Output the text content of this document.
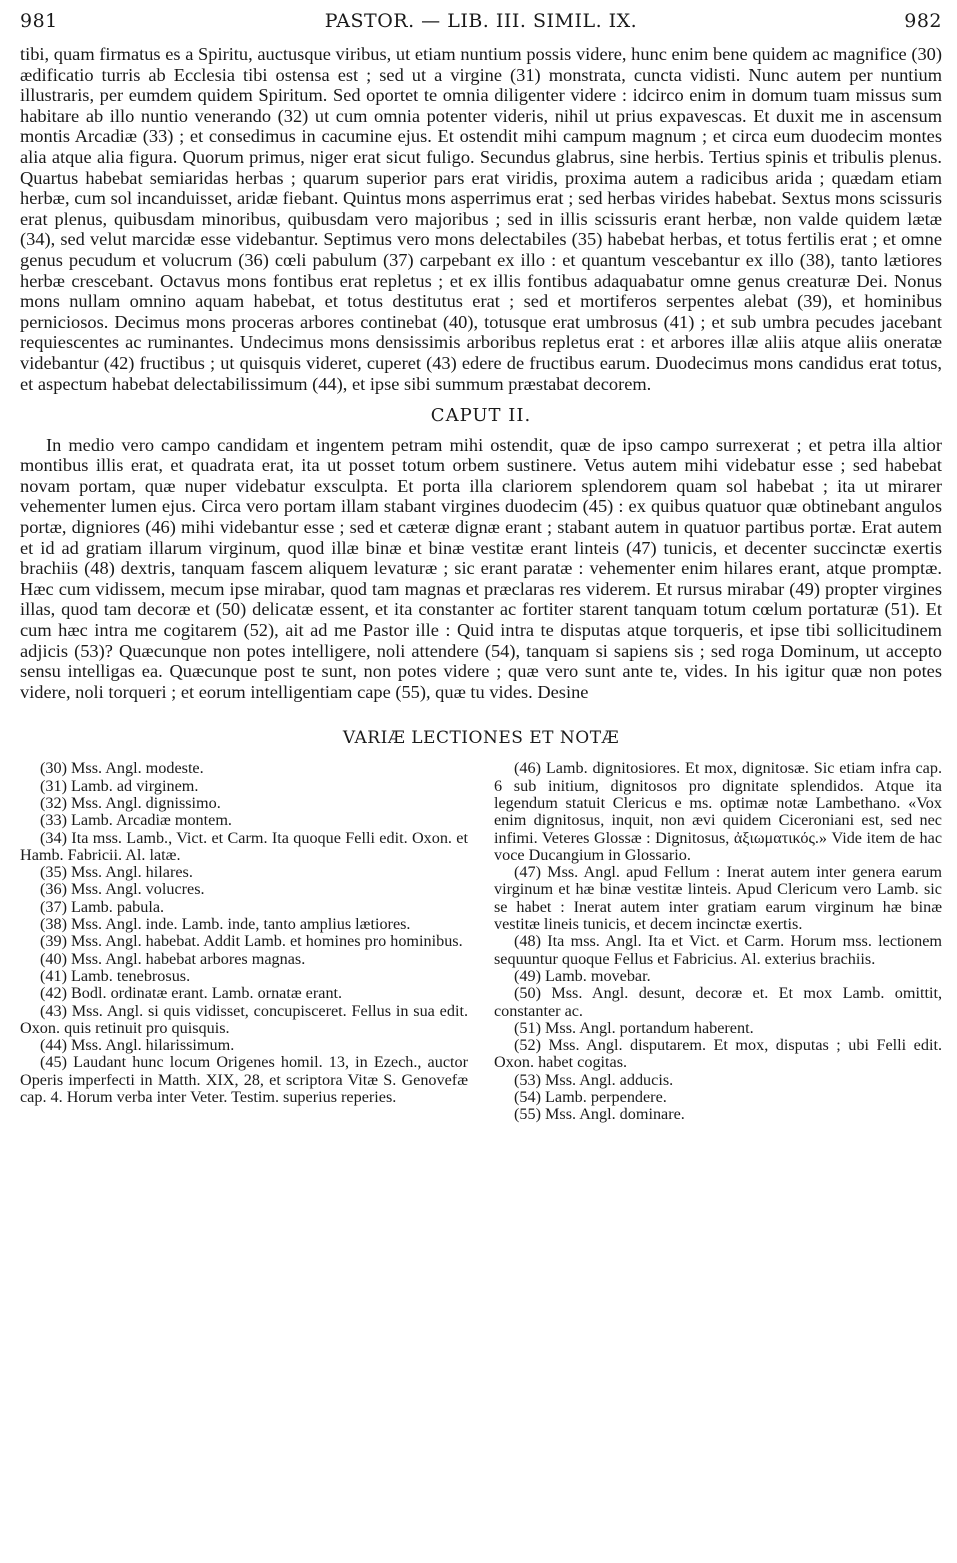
981	PASTOR. — LIB. III. SIMIL. IX.	982

tibi, quam firmatus es a Spiritu, auctusque viribus, ut etiam nuntium possis videre, hunc enim bene quidem ac magnifice (30) ædificatio turris ab Ecclesia tibi ostensa est ; sed ut a virgine (31) monstrata, cuncta vidisti. Nunc autem per nuntium illustraris, per eumdem quidem Spiritum. Sed oportet te omnia diligenter videre : idcirco enim in domum tuam missus sum habitare ab illo nuntio venerando (32) ut cum omnia potenter videris, nihil ut prius expavescas. Et duxit me in ascensum montis Arcadiæ (33) ; et consedimus in cacumine ejus. Et ostendit mihi campum magnum ; et circa eum duodecim montes alia atque alia figura. Quorum primus, niger erat sicut fuligo. Secundus glabrus, sine herbis. Tertius spinis et tribulis plenus. Quartus habebat semiaridas herbas ; quarum superior pars erat viridis, proxima autem a radicibus arida ; quædam etiam herbæ, cum sol incanduisset, aridæ fiebant. Quintus mons asperrimus erat ; sed herbas virides habebat. Sextus mons scissuris erat plenus, quibusdam minoribus, quibusdam vero majoribus ; sed in illis scissuris erant herbæ, non valde quidem lætæ (34), sed velut marcidæ esse videbantur. Septimus vero mons delectabiles (35) habebat herbas, et totus fertilis erat ; et omne genus pecudum et volucrum (36) cœli pabulum (37) carpebant ex illo : et quantum vescebantur ex illo (38), tanto lætiores herbæ crescebant. Octavus mons fontibus erat repletus ; et ex illis fontibus adaquabatur omne genus creaturæ Dei. Nonus mons nullam omnino aquam habebat, et totus destitutus erat ; sed et mortiferos serpentes alebat (39), et hominibus perniciosos. Decimus mons proceras arbores continebat (40), totusque erat umbrosus (41) ; et sub umbra pecudes jacebant requiescentes ac ruminantes. Undecimus mons densissimis arboribus repletus erat : et arbores illæ aliis atque aliis oneratæ videbantur (42) fructibus ; ut quisquis videret, cuperet (43) edere de fructibus earum. Duodecimus mons candidus erat totus, et aspectum habebat delectabilissimum (44), et ipse sibi summum præstabat decorem.

CAPUT II.

In medio vero campo candidam et ingentem petram mihi ostendit, quæ de ipso campo surrexerat ; et petra illa altior montibus illis erat, et quadrata erat, ita ut posset totum orbem sustinere. Vetus autem mihi videbatur esse ; sed habebat novam portam, quæ nuper videbatur exsculpta. Et porta illa clariorem splendorem quam sol habebat ; ita ut mirarer vehementer lumen ejus. Circa vero portam illam stabant virgines duodecim (45) : ex quibus quatuor quæ obtinebant angulos portæ, digniores (46) mihi videbantur esse ; sed et cæteræ dignæ erant ; stabant autem in quatuor partibus portæ. Erat autem et id ad gratiam illarum virginum, quod illæ binæ et binæ vestitæ erant linteis (47) tunicis, et decenter succinctæ exertis brachiis (48) dextris, tanquam fascem aliquem levaturæ ; sic erant paratæ : vehementer enim hilares erant, atque promptæ. Hæc cum vidissem, mecum ipse mirabar, quod tam magnas et præclaras res viderem. Et rursus mirabar (49) propter virgines illas, quod tam decoræ et (50) delicatæ essent, et ita constanter ac fortiter starent tanquam totum cœlum portaturæ (51). Et cum hæc intra me cogitarem (52), ait ad me Pastor ille : Quid intra te disputas atque torqueris, et ipse tibi sollicitudinem adjicis (53)? Quæcunque non potes intelligere, noli attendere (54), tanquam si sapiens sis ; sed roga Dominum, ut accepto sensu intelligas ea. Quæcunque post te sunt, non potes videre ; quæ vero sunt ante te, vides. In his igitur quæ non potes videre, noli torqueri ; et eorum intelligentiam cape (55), quæ tu vides. Desine

VARIÆ LECTIONES ET NOTÆ

(30) Mss. Angl. modeste.

(31) Lamb. ad virginem.

(32) Mss. Angl. dignissimo.

(33) Lamb. Arcadiæ montem.

(34) Ita mss. Lamb., Vict. et Carm. Ita quoque Felli edit. Oxon. et Hamb. Fabricii. Al. latæ.

(35) Mss. Angl. hilares.

(36) Mss. Angl. volucres.

(37) Lamb. pabula.

(38) Mss. Angl. inde. Lamb. inde, tanto amplius lætiores.

(39) Mss. Angl. habebat. Addit Lamb. et homines pro hominibus.

(40) Mss. Angl. habebat arbores magnas.

(41) Lamb. tenebrosus.

(42) Bodl. ordinatæ erant. Lamb. ornatæ erant.

(43) Mss. Angl. si quis vidisset, concupisceret. Fellus in sua edit. Oxon. quis retinuit pro quisquis.

(44) Mss. Angl. hilarissimum.

(45) Laudant hunc locum Origenes homil. 13, in Ezech., auctor Operis imperfecti in Matth. XIX, 28, et scriptora Vitæ S. Genovefæ cap. 4. Horum verba inter Veter. Testim. superius reperies.

(46) Lamb. dignitosiores. Et mox, dignitosæ. Sic etiam infra cap. 6 sub initium, dignitosos pro dignitate splendidos. Atque ita legendum statuit Clericus e ms. optimæ notæ Lambethano. «Vox enim dignitosus, inquit, non ævi quidem Ciceroniani est, sed nec infimi. Veteres Glossæ : Dignitosus, ἀξιωματικός.» Vide item de hac voce Ducangium in Glossario.

(47) Mss. Angl. apud Fellum : Inerat autem inter genera earum virginum et hæ binæ vestitæ linteis. Apud Clericum vero Lamb. sic se habet : Inerat autem inter gratiam earum virginum hæ binæ vestitæ lineis tunicis, et decem incinctæ exertis.

(48) Ita mss. Angl. Ita et Vict. et Carm. Horum mss. lectionem sequuntur quoque Fellus et Fabricius. Al. exterius brachiis.

(49) Lamb. movebar.

(50) Mss. Angl. desunt, decoræ et. Et mox Lamb. omittit, constanter ac.

(51) Mss. Angl. portandum haberent.

(52) Mss. Angl. disputarem. Et mox, disputas ; ubi Felli edit. Oxon. habet cogitas.

(53) Mss. Angl. adducis.

(54) Lamb. perpendere.

(55) Mss. Angl. dominare.
